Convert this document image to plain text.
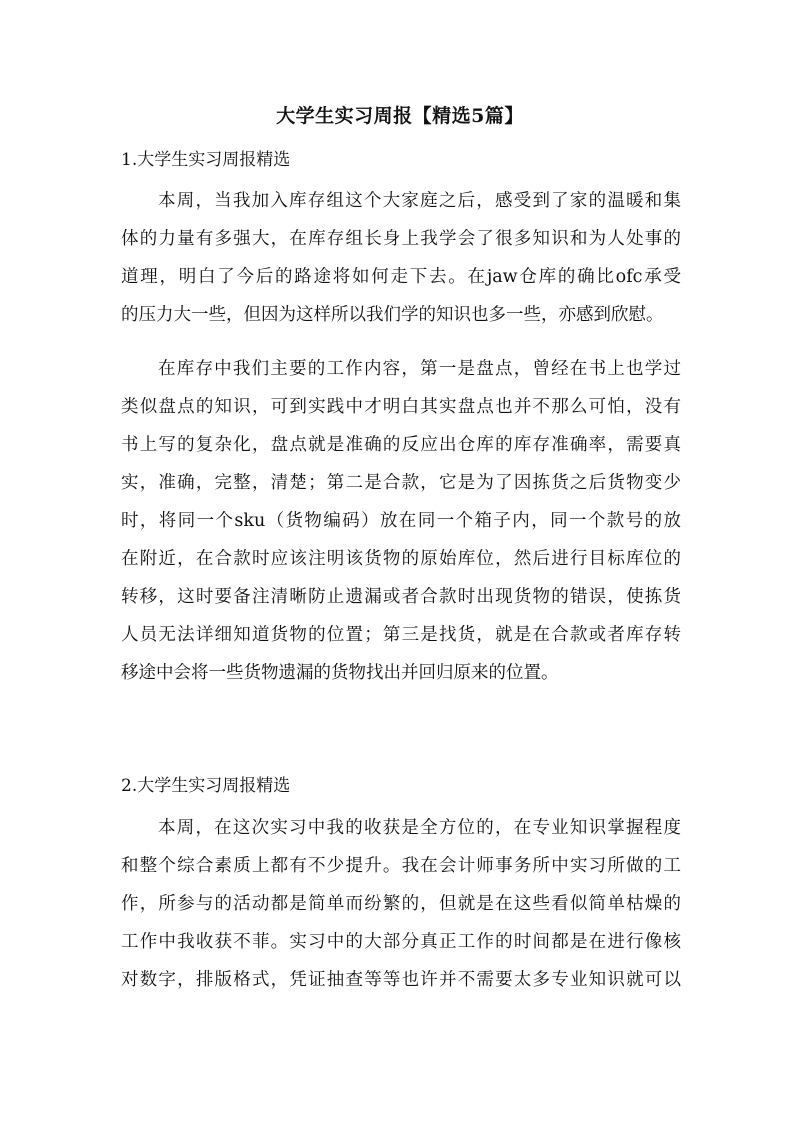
大学生实习周报【精选5篇】
1.大学生实习周报精选
本周，当我加入库存组这个大家庭之后，感受到了家的温暖和集
体的力量有多强大，在库存组长身上我学会了很多知识和为人处事的
道理，明白了今后的路途将如何走下去。在jaw仓库的确比ofc承受
的压力大一些，但因为这样所以我们学的知识也多一些，亦感到欣慰。
在库存中我们主要的工作内容，第一是盘点，曾经在书上也学过
类似盘点的知识，可到实践中才明白其实盘点也并不那么可怕，没有
书上写的复杂化，盘点就是准确的反应出仓库的库存准确率，需要真
实，准确，完整，清楚；第二是合款，它是为了因拣货之后货物变少
时，将同一个sku（货物编码）放在同一个箱子内，同一个款号的放
在附近，在合款时应该注明该货物的原始库位，然后进行目标库位的
转移，这时要备注清晰防止遗漏或者合款时出现货物的错误，使拣货
人员无法详细知道货物的位置；第三是找货，就是在合款或者库存转
移途中会将一些货物遗漏的货物找出并回归原来的位置。
2.大学生实习周报精选
本周，在这次实习中我的收获是全方位的，在专业知识掌握程度
和整个综合素质上都有不少提升。我在会计师事务所中实习所做的工
作，所参与的活动都是简单而纷繁的，但就是在这些看似简单枯燥的
工作中我收获不菲。实习中的大部分真正工作的时间都是在进行像核
对数字，排版格式，凭证抽查等等也许并不需要太多专业知识就可以
